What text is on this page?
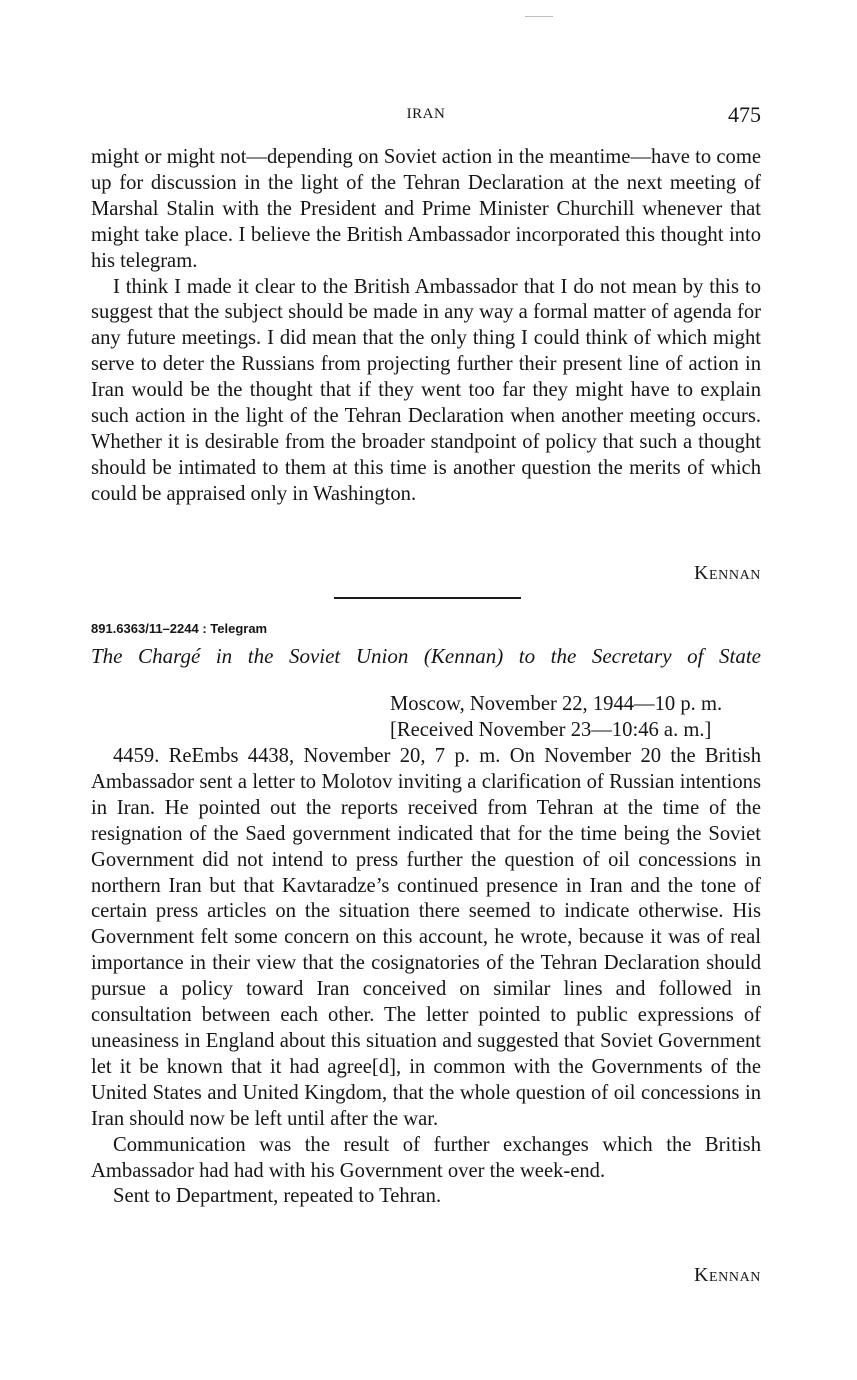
IRAN	475

might or might not—depending on Soviet action in the meantime—have to come up for discussion in the light of the Tehran Declaration at the next meeting of Marshal Stalin with the President and Prime Minister Churchill whenever that might take place. I believe the British Ambassador incorporated this thought into his telegram.

I think I made it clear to the British Ambassador that I do not mean by this to suggest that the subject should be made in any way a formal matter of agenda for any future meetings. I did mean that the only thing I could think of which might serve to deter the Russians from projecting further their present line of action in Iran would be the thought that if they went too far they might have to explain such action in the light of the Tehran Declaration when another meeting occurs. Whether it is desirable from the broader standpoint of policy that such a thought should be intimated to them at this time is another question the merits of which could be appraised only in Washington.

Kennan
891.6363/11–2244 : Telegram
The Chargé in the Soviet Union (Kennan) to the Secretary of State
Moscow, November 22, 1944—10 p. m.
[Received November 23—10:46 a. m.]

4459. ReEmbs 4438, November 20, 7 p. m. On November 20 the British Ambassador sent a letter to Molotov inviting a clarification of Russian intentions in Iran. He pointed out the reports received from Tehran at the time of the resignation of the Saed government indicated that for the time being the Soviet Government did not intend to press further the question of oil concessions in northern Iran but that Kavtaradze’s continued presence in Iran and the tone of certain press articles on the situation there seemed to indicate otherwise. His Government felt some concern on this account, he wrote, because it was of real importance in their view that the cosignatories of the Tehran Declaration should pursue a policy toward Iran conceived on similar lines and followed in consultation between each other. The letter pointed to public expressions of uneasiness in England about this situation and suggested that Soviet Government let it be known that it had agree[d], in common with the Governments of the United States and United Kingdom, that the whole question of oil concessions in Iran should now be left until after the war.

Communication was the result of further exchanges which the British Ambassador had had with his Government over the week-end.

Sent to Department, repeated to Tehran.

Kennan
